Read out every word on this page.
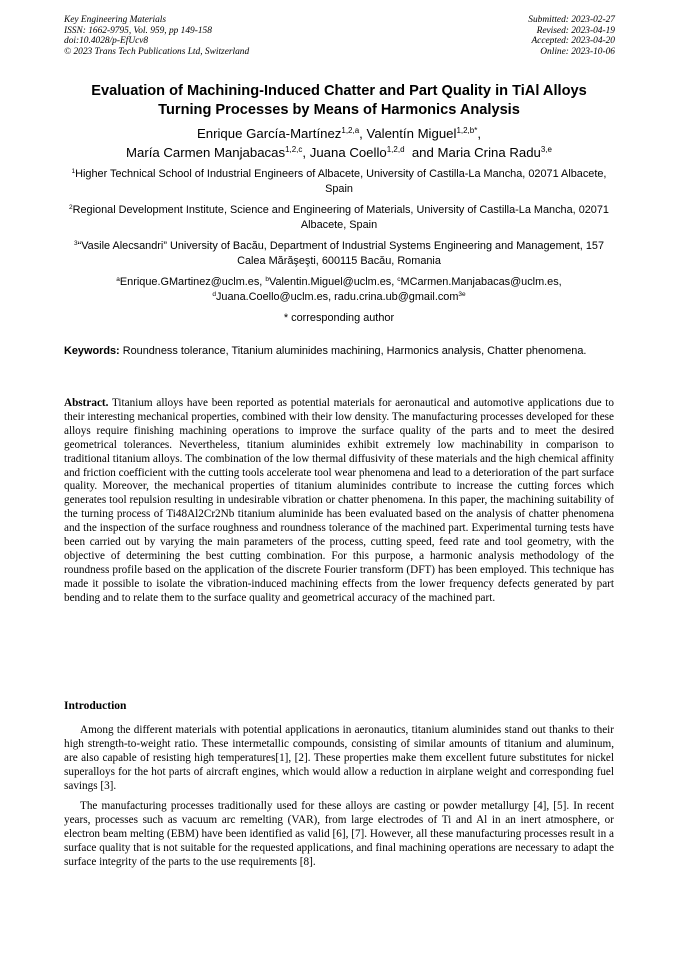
Key Engineering Materials
ISSN: 1662-9795, Vol. 959, pp 149-158
doi:10.4028/p-EfUcv8
© 2023 Trans Tech Publications Ltd, Switzerland
Submitted: 2023-02-27
Revised: 2023-04-19
Accepted: 2023-04-20
Online: 2023-10-06
Evaluation of Machining-Induced Chatter and Part Quality in TiAl Alloys
Turning Processes by Means of Harmonics Analysis
Enrique García-Martínez$^{1,2,a}$, Valentín Miguel$^{1,2,b*}$,
María Carmen Manjabacas$^{1,2,c}$, Juana Coello$^{1,2,d}$  and Maria Crina Radu$^{3,e}$
$^1$Higher Technical School of Industrial Engineers of Albacete, University of Castilla-La Mancha, 02071 Albacete, Spain
$^2$Regional Development Institute, Science and Engineering of Materials, University of Castilla-La Mancha, 02071 Albacete, Spain
$^3$“Vasile Alecsandri” University of Bacău, Department of Industrial Systems Engineering and Management, 157 Calea Mărăşeşti, 600115 Bacău, Romania
$^a$Enrique.GMartinez@uclm.es, $^b$Valentin.Miguel@uclm.es, $^c$MCarmen.Manjabacas@uclm.es,
$^d$Juana.Coello@uclm.es, radu.crina.ub@gmail.com$^{3e}$
* corresponding author
Keywords: Roundness tolerance, Titanium aluminides machining, Harmonics analysis, Chatter phenomena.
Abstract. Titanium alloys have been reported as potential materials for aeronautical and automotive applications due to their interesting mechanical properties, combined with their low density. The manufacturing processes developed for these alloys require finishing machining operations to improve the surface quality of the parts and to meet the desired geometrical tolerances. Nevertheless, titanium aluminides exhibit extremely low machinability in comparison to traditional titanium alloys. The combination of the low thermal diffusivity of these materials and the high chemical affinity and friction coefficient with the cutting tools accelerate tool wear phenomena and lead to a deterioration of the part surface quality. Moreover, the mechanical properties of titanium aluminides contribute to increase the cutting forces which generates tool repulsion resulting in undesirable vibration or chatter phenomena. In this paper, the machining suitability of the turning process of Ti48Al2Cr2Nb titanium aluminide has been evaluated based on the analysis of chatter phenomena and the inspection of the surface roughness and roundness tolerance of the machined part. Experimental turning tests have been carried out by varying the main parameters of the process, cutting speed, feed rate and tool geometry, with the objective of determining the best cutting combination. For this purpose, a harmonic analysis methodology of the roundness profile based on the application of the discrete Fourier transform (DFT) has been employed. This technique has made it possible to isolate the vibration-induced machining effects from the lower frequency defects generated by part bending and to relate them to the surface quality and geometrical accuracy of the machined part.
Introduction
Among the different materials with potential applications in aeronautics, titanium aluminides stand out thanks to their high strength-to-weight ratio. These intermetallic compounds, consisting of similar amounts of titanium and aluminum, are also capable of resisting high temperatures[1], [2]. These properties make them excellent future substitutes for nickel superalloys for the hot parts of aircraft engines, which would allow a reduction in airplane weight and corresponding fuel savings [3].
The manufacturing processes traditionally used for these alloys are casting or powder metallurgy [4], [5]. In recent years, processes such as vacuum arc remelting (VAR), from large electrodes of Ti and Al in an inert atmosphere, or electron beam melting (EBM) have been identified as valid [6], [7]. However, all these manufacturing processes result in a surface quality that is not suitable for the requested applications, and final machining operations are necessary to adapt the surface integrity of the parts to the use requirements [8].
